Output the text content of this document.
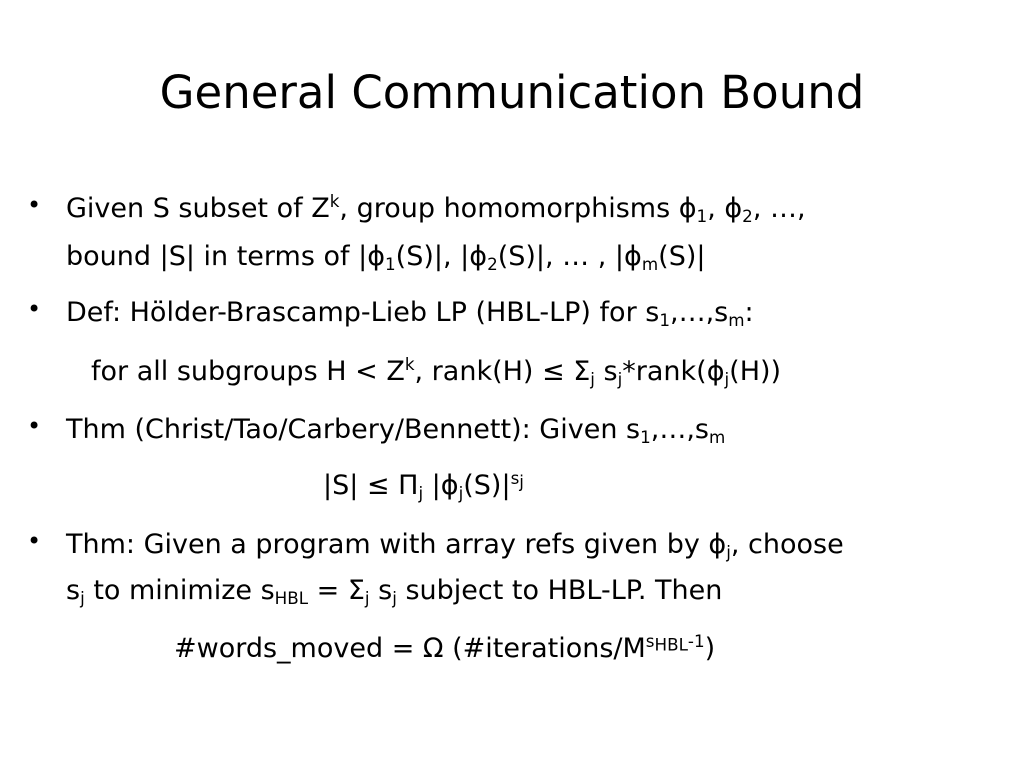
General Communication Bound
• Given S subset of $Z^k$, group homomorphisms $\phi_1$, $\phi_2$, …,
bound |S| in terms of $|\phi_1(S)|$, $|\phi_2(S)|$, … , $|\phi_m(S)|$
• Def: Hölder-Brascamp-Lieb LP (HBL-LP) for $s_1,\dots,s_m$:
for all subgroups $H < Z^k$, rank(H) ≤ $\Sigma_j$ $s_j*rank(\phi_j(H))$
• Thm (Christ/Tao/Carbery/Bennett): Given $s_1,\dots,s_m$
$|S| \le \Pi_j$ $|\phi_j(S)|^{s_j}$
• Thm: Given a program with array refs given by $\phi_j$, choose
$s_j$ to minimize $s_{HBL} = \Sigma_j$ $s_j$ subject to HBL-LP. Then
#words_moved = Ω $(\#iterations/M^{s_{HBL}-1})$
